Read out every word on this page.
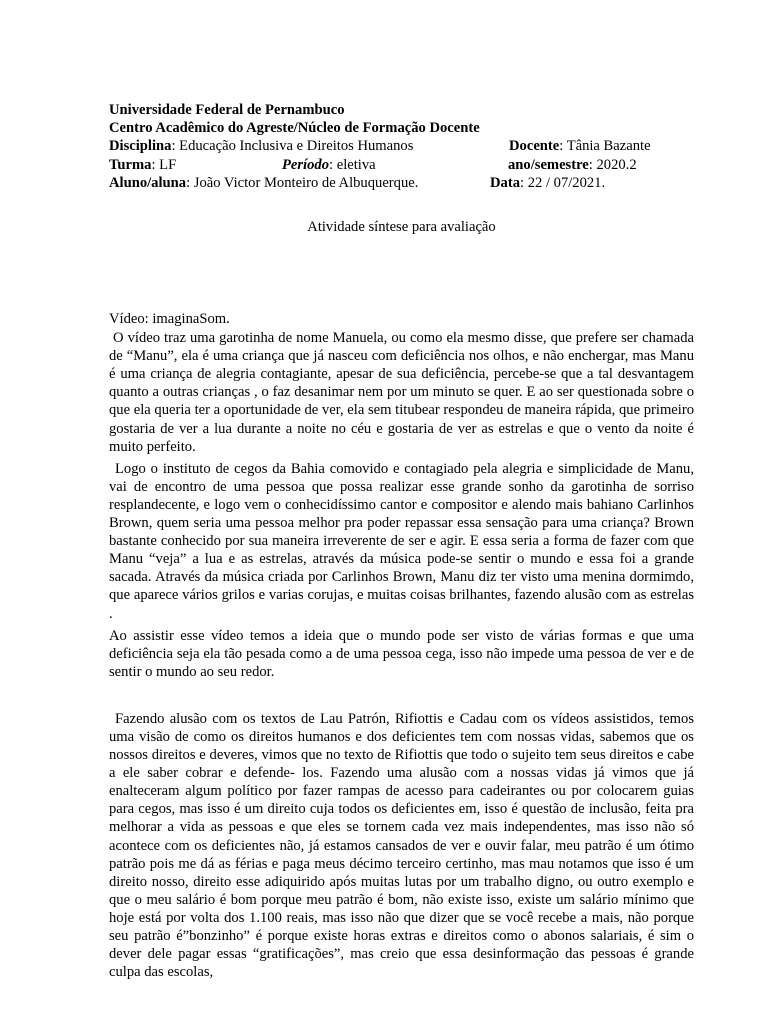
Universidade Federal de Pernambuco
Centro Acadêmico do Agreste/Núcleo de Formação Docente
Disciplina: Educação Inclusiva e Direitos Humanos	Docente: Tânia Bazante
Turma: LF	Período: eletiva	ano/semestre: 2020.2
Aluno/aluna: João Victor Monteiro de Albuquerque.	Data: 22 / 07/2021.
Atividade síntese para avaliação

Vídeo: imaginaSom.

O vídeo traz uma garotinha de nome Manuela, ou como ela mesmo disse, que prefere ser chamada de “Manu”, ela é uma criança que já nasceu com deficiência nos olhos, e não enchergar, mas Manu é uma criança de alegria contagiante, apesar de sua deficiência, percebe-se que a tal desvantagem quanto a outras crianças , o faz desanimar nem por um minuto se quer. E ao ser questionada sobre o que ela queria ter a oportunidade de ver, ela sem titubear respondeu de maneira rápida, que primeiro gostaria de ver a lua durante a noite no céu e gostaria de ver as estrelas e que o vento da noite é muito perfeito.

Logo o instituto de cegos da Bahia comovido e contagiado pela alegria e simplicidade de Manu, vai de encontro de uma pessoa que possa realizar esse grande sonho da garotinha de sorriso resplandecente, e logo vem o conhecidíssimo cantor e compositor e alendo mais bahiano Carlinhos Brown, quem seria uma pessoa melhor pra poder repassar essa sensação para uma criança? Brown bastante conhecido por sua maneira irreverente de ser e agir. E essa seria a forma de fazer com que Manu “veja” a lua e as estrelas, através da música pode-se sentir o mundo e essa foi a grande sacada. Através da música criada por Carlinhos Brown, Manu diz ter visto uma menina dormimdo, que aparece vários grilos e varias corujas, e muitas coisas brilhantes, fazendo alusão com as estrelas .

Ao assistir esse vídeo temos a ideia que o mundo pode ser visto de várias formas e que uma deficiência seja ela tão pesada como a de uma pessoa cega, isso não impede uma pessoa de ver e de sentir o mundo ao seu redor.

Fazendo alusão com os textos de Lau Patrón, Rifiottis e Cadau com os vídeos assistidos, temos uma visão de como os direitos humanos e dos deficientes tem com nossas vidas, sabemos que os nossos direitos e deveres, vimos que no texto de Rifiottis que todo o sujeito tem seus direitos e cabe a ele saber cobrar e defende- los. Fazendo uma alusão com a nossas vidas já vimos que já enalteceram algum político por fazer rampas de acesso para cadeirantes ou por colocarem guias para cegos, mas isso é um direito cuja todos os deficientes em, isso é questão de inclusão, feita pra melhorar a vida as pessoas e que eles se tornem cada vez mais independentes, mas isso não só acontece com os deficientes não, já estamos cansados de ver e ouvir falar, meu patrão é um ótimo patrão pois me dá as férias e paga meus décimo terceiro certinho, mas mau notamos que isso é um direito nosso, direito esse adiquirido após muitas lutas por um trabalho digno, ou outro exemplo e que o meu salário é bom porque meu patrão é bom, não existe isso, existe um salário mínimo que hoje está por volta dos 1.100 reais, mas isso não que dizer que se você recebe a mais, não porque seu patrão é”bonzinho” é porque existe horas extras e direitos como o abonos salariais, é sim o dever dele pagar essas “gratificações”, mas creio que essa desinformação das pessoas é grande culpa das escolas,
